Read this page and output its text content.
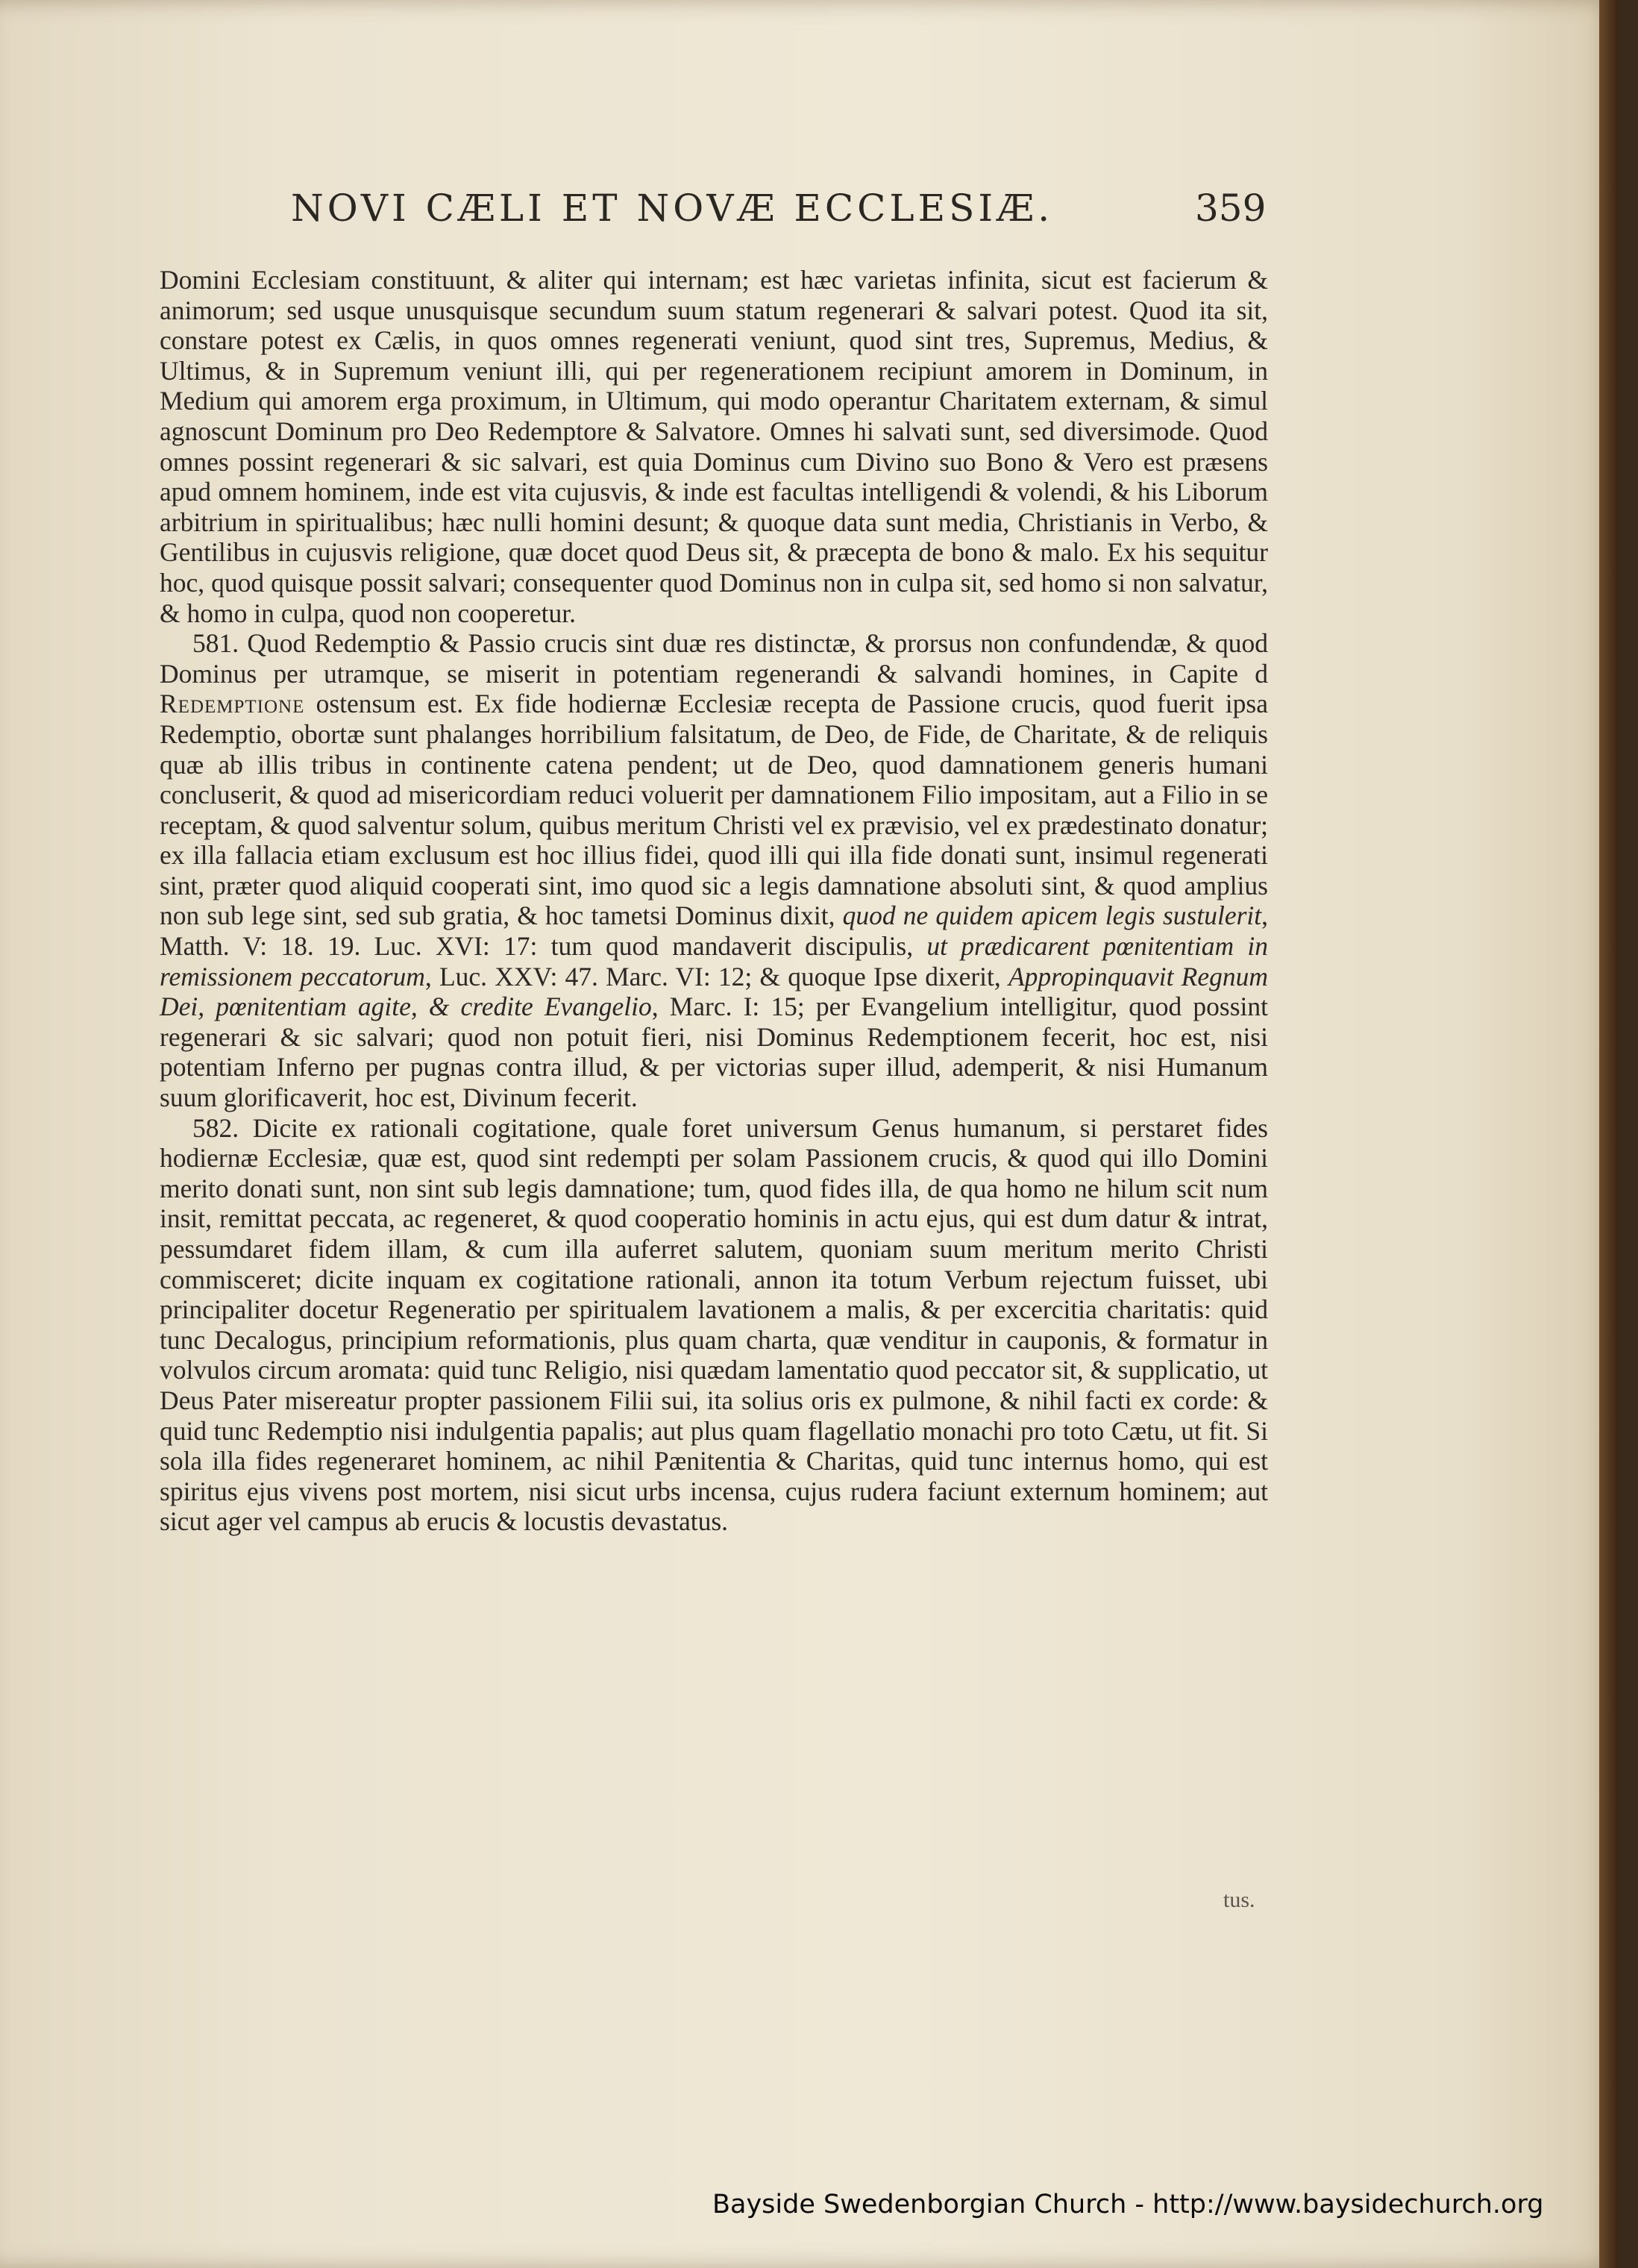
NOVI CÆLI ET NOVÆ ECCLESIÆ.	359

Domini Ecclesiam constituunt, & aliter qui internam; est hæc varietas infinita, sicut est facierum & animorum; sed usque unusquisque secundum suum statum regenerari & salvari potest. Quod ita sit, constare potest ex Cælis, in quos omnes regenerati veniunt, quod sint tres, Supremus, Medius, & Ultimus, & in Supremum veniunt illi, qui per regenerationem recipiunt amorem in Dominum, in Medium qui amorem erga proximum, in Ultimum, qui modo operantur Charitatem externam, & simul agnoscunt Dominum pro Deo Redemptore & Salvatore. Omnes hi salvati sunt, sed diversimode. Quod omnes possint regenerari & sic salvari, est quia Dominus cum Divino suo Bono & Vero est præsens apud omnem hominem, inde est vita cujusvis, & inde est facultas intelligendi & volendi, & his Liborum arbitrium in spiritualibus; hæc nulli homini desunt; & quoque data sunt media, Christianis in Verbo, & Gentilibus in cujusvis religione, quæ docet quod Deus sit, & præcepta de bono & malo. Ex his sequitur hoc, quod quisque possit salvari; consequenter quod Dominus non in culpa sit, sed homo si non salvatur, & homo in culpa, quod non cooperetur.

581. Quod Redemptio & Passio crucis sint duæ res distinctæ, & prorsus non confundendæ, & quod Dominus per utramque, se miserit in potentiam regenerandi & salvandi homines, in Capite d Redemptione ostensum est. Ex fide hodiernæ Ecclesiæ recepta de Passione crucis, quod fuerit ipsa Redemptio, obortæ sunt phalanges horribilium falsitatum, de Deo, de Fide, de Charitate, & de reliquis quæ ab illis tribus in continente catena pendent; ut de Deo, quod damnationem generis humani concluserit, & quod ad misericordiam reduci voluerit per damnationem Filio impositam, aut a Filio in se receptam, & quod salventur solum, quibus meritum Christi vel ex prævisio, vel ex prædestinato donatur; ex illa fallacia etiam exclusum est hoc illius fidei, quod illi qui illa fide donati sunt, insimul regenerati sint, præter quod aliquid cooperati sint, imo quod sic a legis damnatione absoluti sint, & quod amplius non sub lege sint, sed sub gratia, & hoc tametsi Dominus dixit, quod ne quidem apicem legis sustulerit, Matth. V: 18. 19. Luc. XVI: 17: tum quod mandaverit discipulis, ut prædicarent pœnitentiam in remissionem peccatorum, Luc. XXV: 47. Marc. VI: 12; & quoque Ipse dixerit, Appropinquavit Regnum Dei, pœnitentiam agite, & credite Evangelio, Marc. I: 15; per Evangelium intelligitur, quod possint regenerari & sic salvari; quod non potuit fieri, nisi Dominus Redemptionem fecerit, hoc est, nisi potentiam Inferno per pugnas contra illud, & per victorias super illud, ademperit, & nisi Humanum suum glorificaverit, hoc est, Divinum fecerit.

582. Dicite ex rationali cogitatione, quale foret universum Genus humanum, si perstaret fides hodiernæ Ecclesiæ, quæ est, quod sint redempti per solam Passionem crucis, & quod qui illo Domini merito donati sunt, non sint sub legis damnatione; tum, quod fides illa, de qua homo ne hilum scit num insit, remittat peccata, ac regeneret, & quod cooperatio hominis in actu ejus, qui est dum datur & intrat, pessumdaret fidem illam, & cum illa auferret salutem, quoniam suum meritum merito Christi commisceret; dicite inquam ex cogitatione rationali, annon ita totum Verbum rejectum fuisset, ubi principaliter docetur Regeneratio per spiritualem lavationem a malis, & per excercitia charitatis: quid tunc Decalogus, principium reformationis, plus quam charta, quæ venditur in cauponis, & formatur in volvulos circum aromata: quid tunc Religio, nisi quædam lamentatio quod peccator sit, & supplicatio, ut Deus Pater misereatur propter passionem Filii sui, ita solius oris ex pulmone, & nihil facti ex corde: & quid tunc Redemptio nisi indulgentia papalis; aut plus quam flagellatio monachi pro toto Cætu, ut fit. Si sola illa fides regeneraret hominem, ac nihil Pænitentia & Charitas, quid tunc internus homo, qui est spiritus ejus vivens post mortem, nisi sicut urbs incensa, cujus rudera faciunt externum hominem; aut sicut ager vel campus ab erucis & locustis devastatus.

tus.
Bayside Swedenborgian Church - http://www.baysidechurch.org
